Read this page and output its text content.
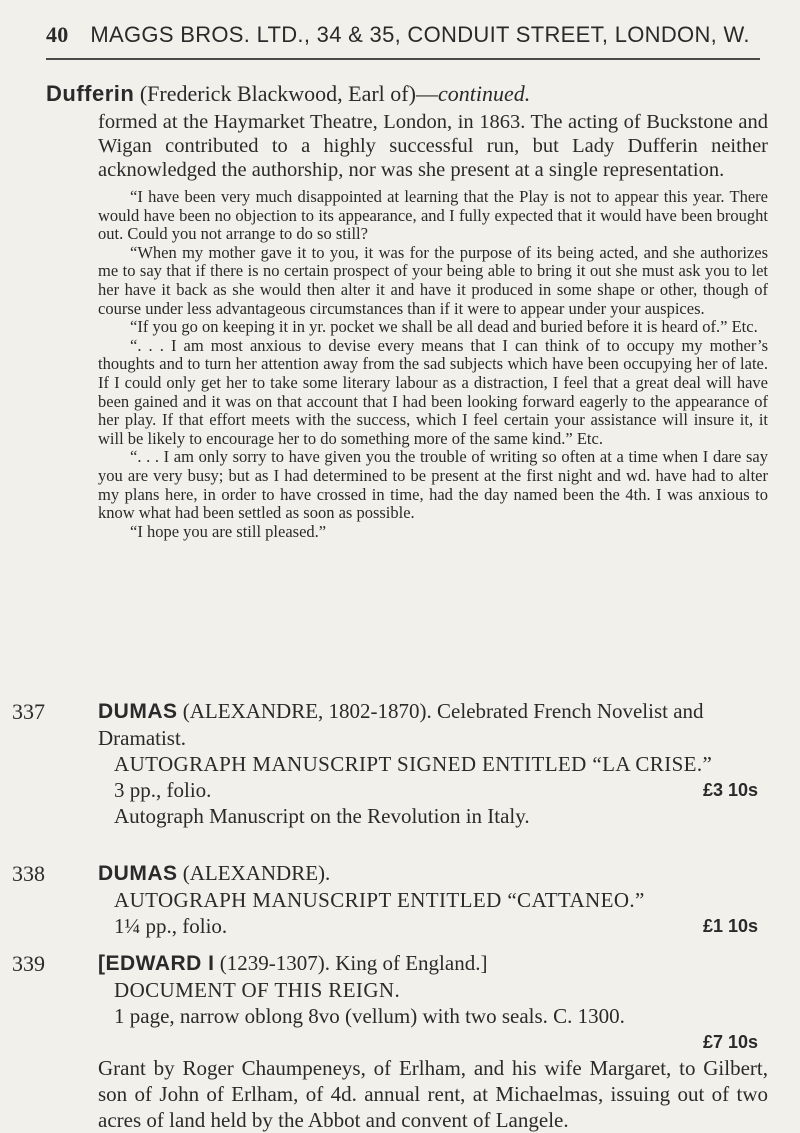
40 MAGGS BROS. LTD., 34 & 35, CONDUIT STREET, LONDON, W.
Dufferin (Frederick Blackwood, Earl of)—continued.

formed at the Haymarket Theatre, London, in 1863. The acting of Buckstone and Wigan contributed to a highly successful run, but Lady Dufferin neither acknowledged the authorship, nor was she present at a single representation.

“I have been very much disappointed at learning that the Play is not to appear this year. There would have been no objection to its appearance, and I fully expected that it would have been brought out. Could you not arrange to do so still?

“When my mother gave it to you, it was for the purpose of its being acted, and she authorizes me to say that if there is no certain prospect of your being able to bring it out she must ask you to let her have it back as she would then alter it and have it produced in some shape or other, though of course under less advantageous circumstances than if it were to appear under your auspices.

“If you go on keeping it in yr. pocket we shall be all dead and buried before it is heard of.” Etc.

“. . . I am most anxious to devise every means that I can think of to occupy my mother’s thoughts and to turn her attention away from the sad subjects which have been occupying her of late. If I could only get her to take some literary labour as a distraction, I feel that a great deal will have been gained and it was on that account that I had been looking forward eagerly to the appearance of her play. If that effort meets with the success, which I feel certain your assistance will insure it, it will be likely to encourage her to do something more of the same kind.” Etc.

“. . . I am only sorry to have given you the trouble of writing so often at a time when I dare say you are very busy; but as I had determined to be present at the first night and wd. have had to alter my plans here, in order to have crossed in time, had the day named been the 4th. I was anxious to know what had been settled as soon as possible.

“I hope you are still pleased.”

337	DUMAS (ALEXANDRE, 1802-1870). Celebrated French Novelist and Dramatist.
AUTOGRAPH MANUSCRIPT SIGNED ENTITLED “LA CRISE.”
3 pp., folio.	£3 10s
Autograph Manuscript on the Revolution in Italy.
338	DUMAS (ALEXANDRE).
AUTOGRAPH MANUSCRIPT ENTITLED “CATTANEO.”
1¼ pp., folio.	£1 10s
339	[EDWARD I (1239-1307). King of England.]
DOCUMENT OF THIS REIGN.
1 page, narrow oblong 8vo (vellum) with two seals. C. 1300.
£7 10s

Grant by Roger Chaumpeneys, of Erlham, and his wife Margaret, to Gilbert, son of John of Erlham, of 4d. annual rent, at Michaelmas, issuing out of two acres of land held by the Abbot and convent of Langele.
